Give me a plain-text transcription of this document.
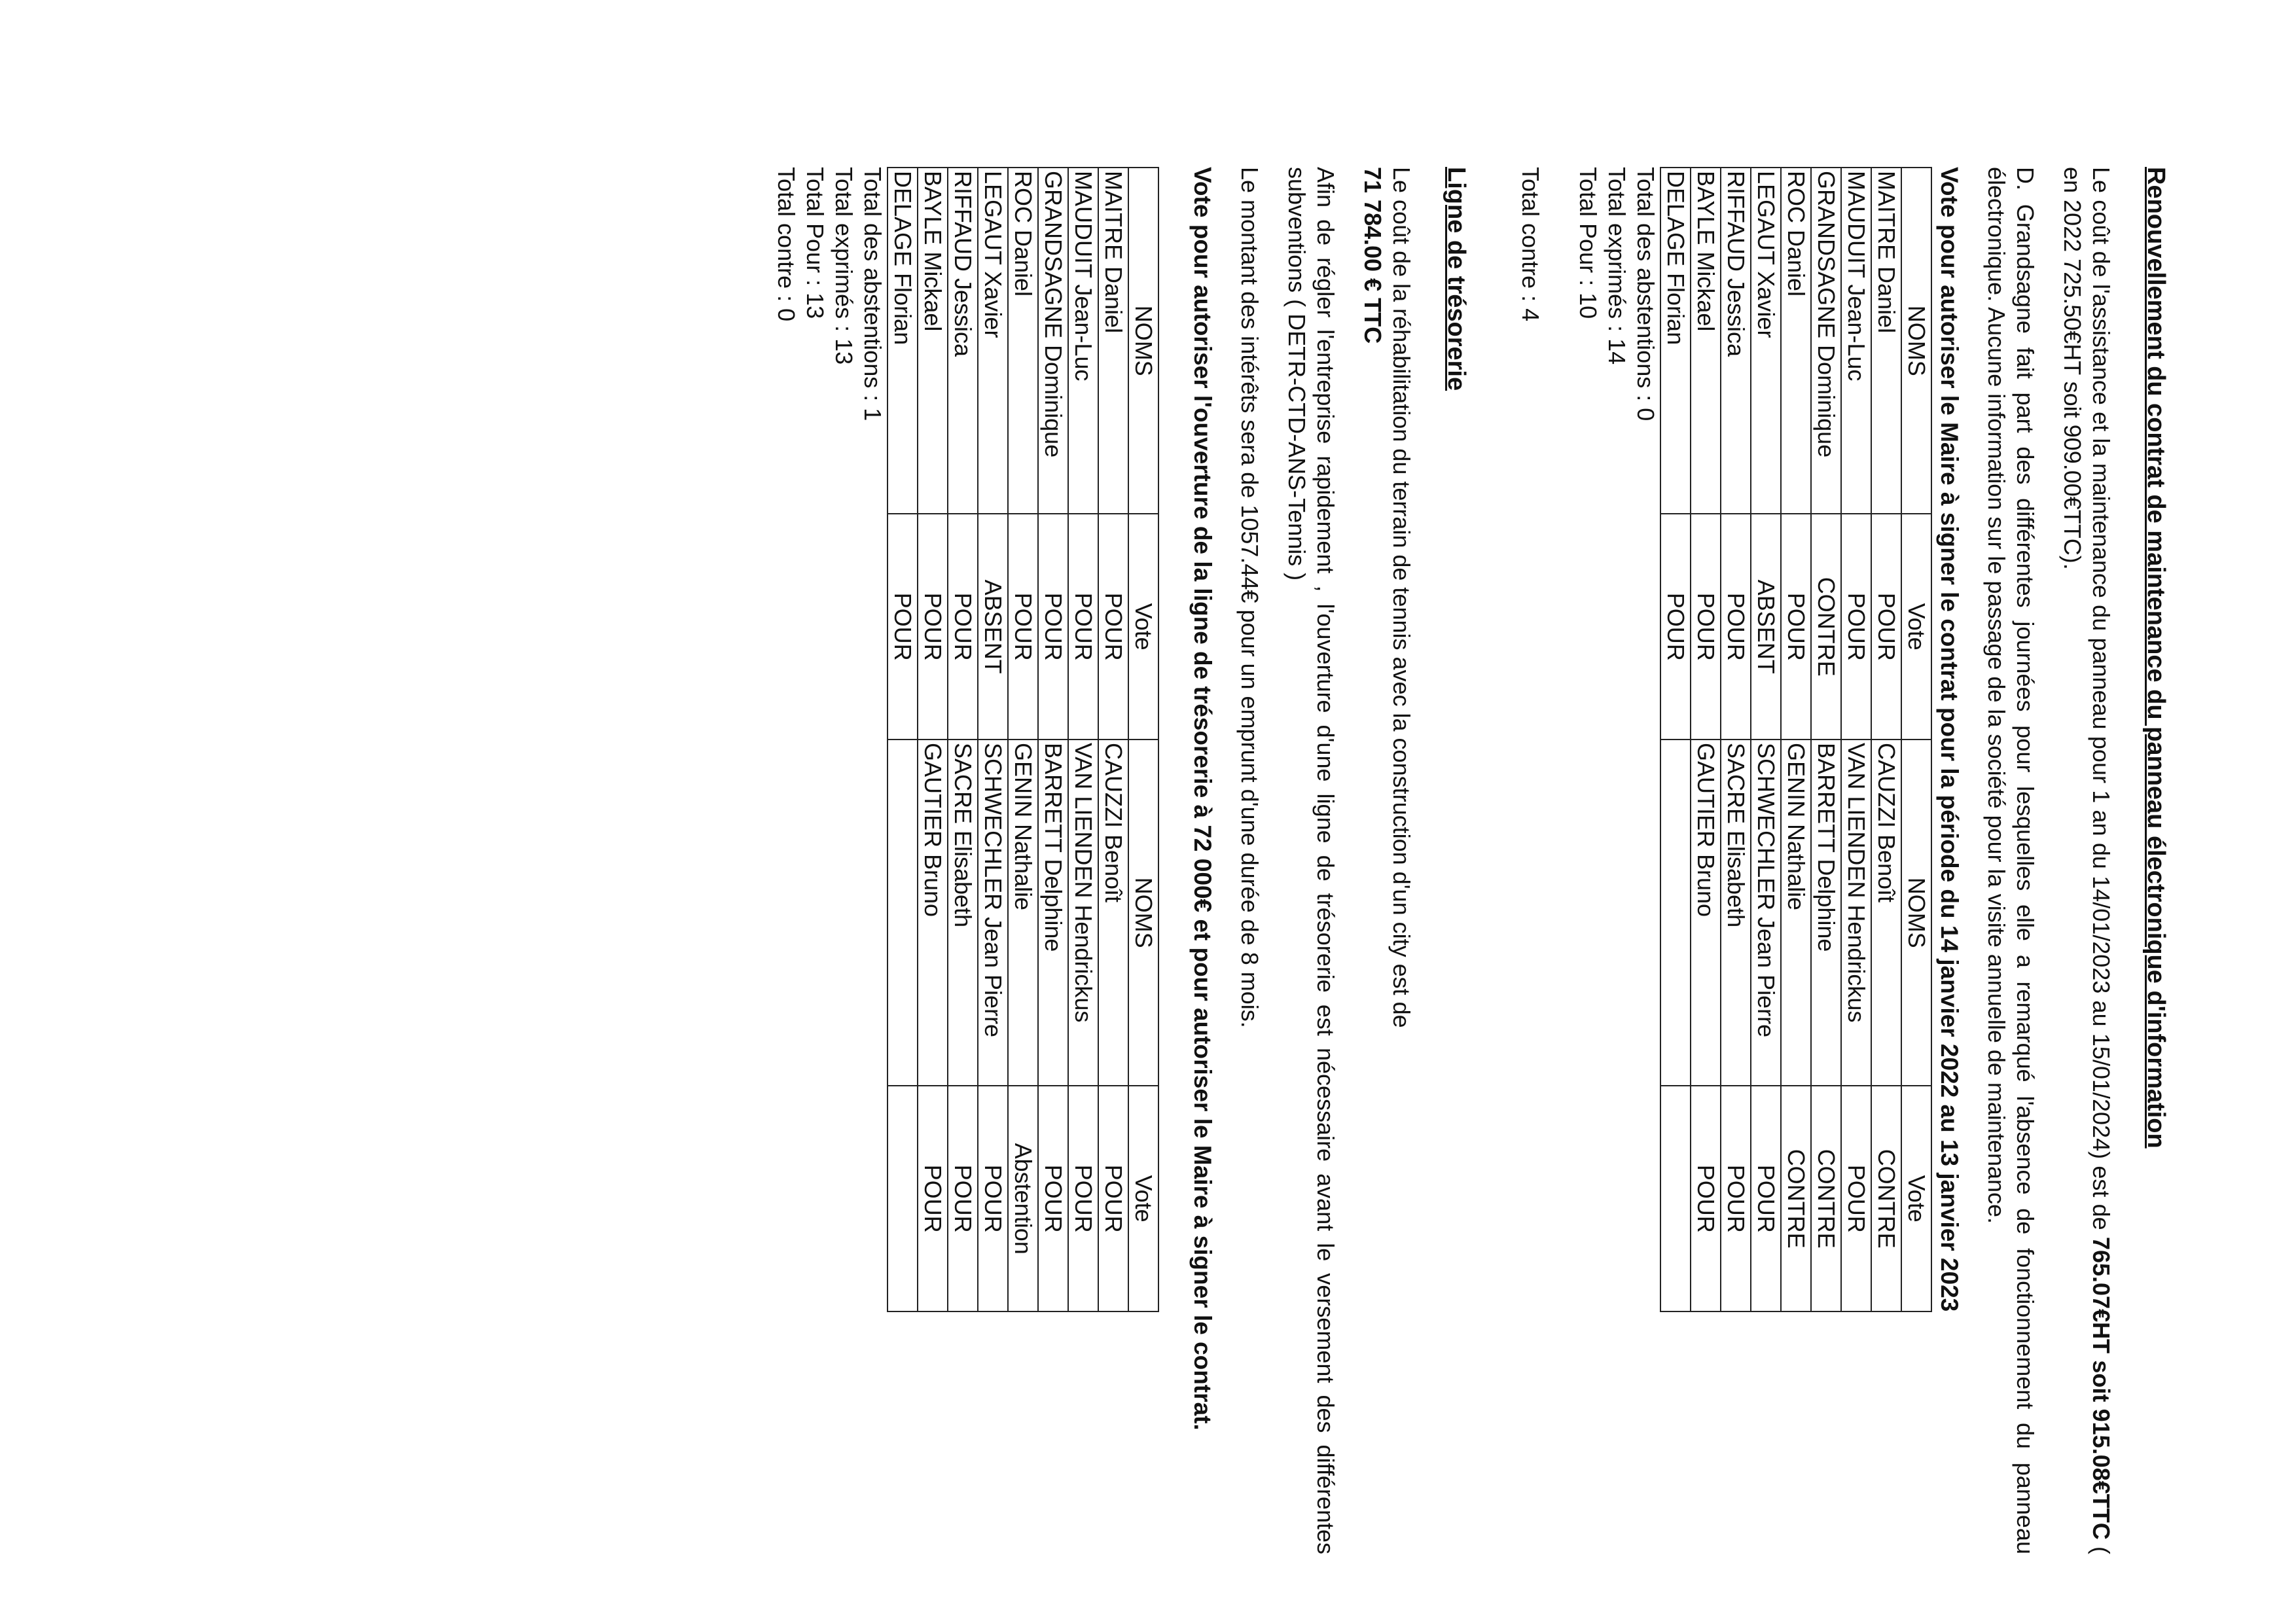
Renouvellement du contrat de maintenance du panneau électronique d'information

Le coût de l'assistance et la maintenance du panneau pour 1 an du 14/01/2023 au 15/01/2024) est de 765.07€HT soit 915.08€TTC ( en 2022 725.50€HT soit 909.00€TTC).

D. Grandsagne fait part des différentes journées pour lesquelles elle a remarqué l'absence de fonctionnement du panneau électronique. Aucune information sur le passage de la société pour la visite annuelle de maintenance.

Vote pour autoriser le Maire à signer le contrat pour la période du 14 janvier 2022 au 13 janvier 2023
NOMS	Vote	NOMS	Vote
MAITRE Daniel	POUR	CAUZZI Benoît	CONTRE
MAUDUIT Jean-Luc	POUR	VAN LIENDEN Hendrickus	POUR
GRANDSAGNE Dominique	CONTRE	BARRETT Delphine	CONTRE
ROC Daniel	POUR	GENIN Nathalie	CONTRE
LEGAUT Xavier	ABSENT	SCHWECHLER Jean Pierre	POUR
RIFFAUD Jessica	POUR	SACRE Elisabeth	POUR
BAYLE Mickael	POUR	GAUTIER Bruno	POUR
DELAGE Florian	POUR		

Total des abstentions : 0

Total exprimés : 14

Total Pour : 10

Total contre : 4

Ligne de trésorerie

Le coût de la réhabilitation du terrain de tennis avec la construction d'un city est de
71 784.00 € TTC

Afin de régler l'entreprise rapidement , l'ouverture d'une ligne de trésorerie est nécessaire avant le versement des différentes subventions ( DETR-CTD-ANS-Tennis )

Le montant des intérêts sera de 1057.44€ pour un emprunt d'une durée de 8 mois.

Vote pour autoriser l'ouverture de la ligne de trésorerie à 72 000€ et pour autoriser le Maire à signer le contrat.
NOMS	Vote	NOMS	Vote
MAITRE Daniel	POUR	CAUZZI Benoît	POUR
MAUDUIT Jean-Luc	POUR	VAN LIENDEN Hendrickus	POUR
GRANDSAGNE Dominique	POUR	BARRETT Delphine	POUR
ROC Daniel	POUR	GENIN Nathalie	Abstention
LEGAUT Xavier	ABSENT	SCHWECHLER Jean Pierre	POUR
RIFFAUD Jessica	POUR	SACRE Elisabeth	POUR
BAYLE Mickael	POUR	GAUTIER Bruno	POUR
DELAGE Florian	POUR		

Total des abstentions : 1

Total exprimés : 13

Total Pour : 13

Total contre : 0
